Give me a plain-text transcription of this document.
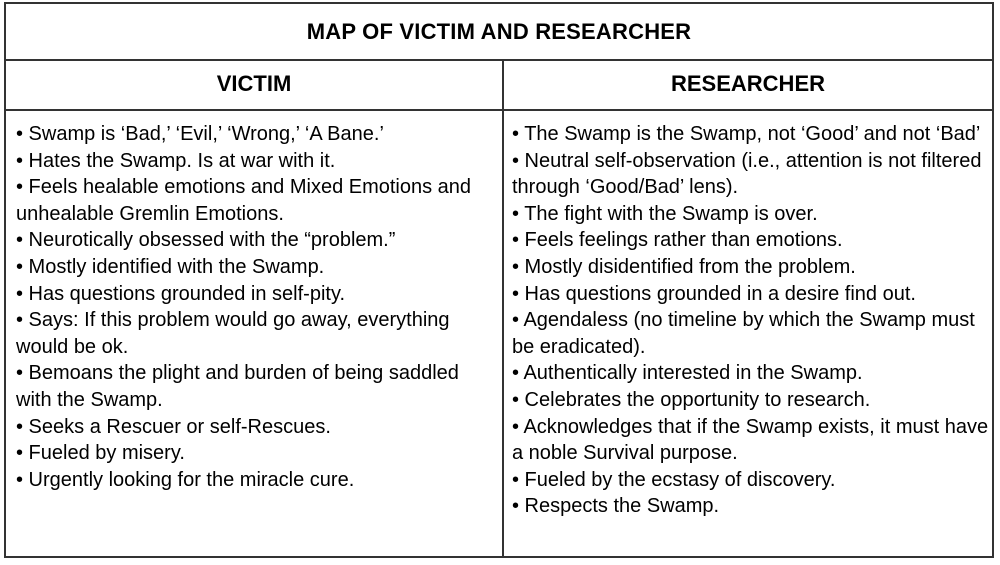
MAP OF VICTIM AND RESEARCHER
VICTIM	RESEARCHER

• Swamp is ‘Bad,’ ‘Evil,’ ‘Wrong,’ ‘A Bane.’

• Hates the Swamp. Is at war with it.

• Feels healable emotions and Mixed Emotions and unhealable Gremlin Emotions.

• Neurotically obsessed with the “problem.”

• Mostly identified with the Swamp.

• Has questions grounded in self-pity.

• Says: If this problem would go away, everything would be ok.

• Bemoans the plight and burden of being saddled with the Swamp.

• Seeks a Rescuer or self-Rescues.

• Fueled by misery.

• Urgently looking for the miracle cure.

• The Swamp is the Swamp, not ‘Good’ and not ‘Bad’

• Neutral self-observation (i.e., attention is not filtered through ‘Good/Bad’ lens).

• The fight with the Swamp is over.

• Feels feelings rather than emotions.

• Mostly disidentified from the problem.

• Has questions grounded in a desire find out.

• Agendaless (no timeline by which the Swamp must be eradicated).

• Authentically interested in the Swamp.

• Celebrates the opportunity to research.

• Acknowledges that if the Swamp exists, it must have a noble Survival purpose.

• Fueled by the ecstasy of discovery.

• Respects the Swamp.
